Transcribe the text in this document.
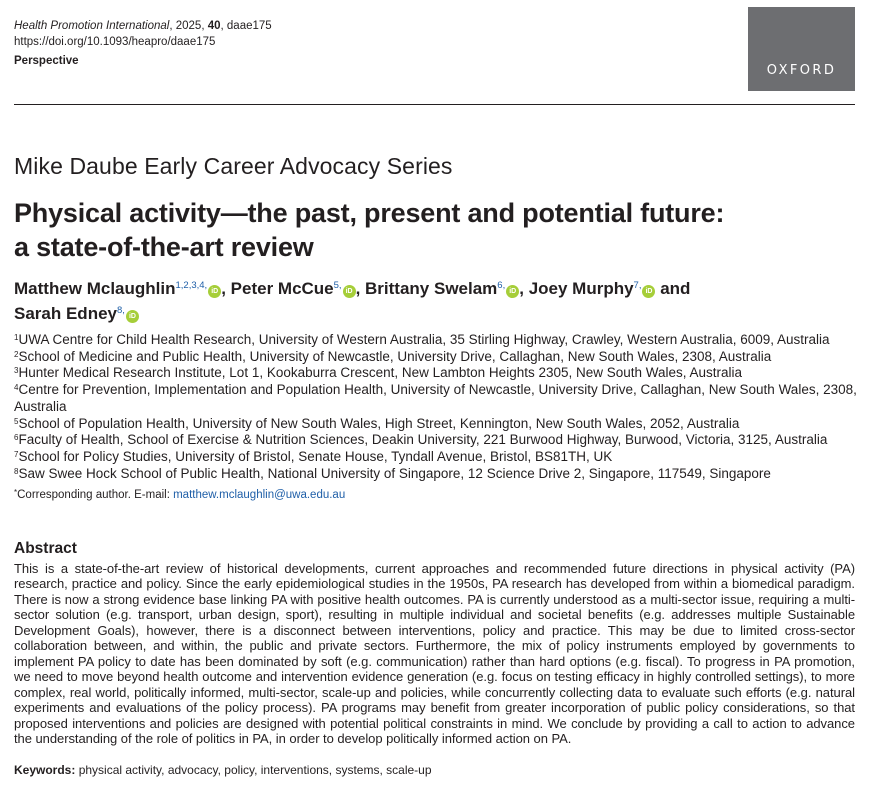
Health Promotion International, 2025, 40, daae175
https://doi.org/10.1093/heapro/daae175
Perspective
OXFORD
Mike Daube Early Career Advocacy Series
Physical activity—the past, present and potential future:
a state-of-the-art review
Matthew Mclaughlin$^{1,2,3,4,}$iD , Peter McCue$^{5,}$iD , Brittany Swelam$^{6,}$iD , Joey Murphy$^{7,}$iD and
Sarah Edney$^{8,}$iD
$^1$UWA Centre for Child Health Research, University of Western Australia, 35 Stirling Highway, Crawley, Western Australia, 6009, Australia
$^2$School of Medicine and Public Health, University of Newcastle, University Drive, Callaghan, New South Wales, 2308, Australia
$^3$Hunter Medical Research Institute, Lot 1, Kookaburra Crescent, New Lambton Heights 2305, New South Wales, Australia
$^4$Centre for Prevention, Implementation and Population Health, University of Newcastle, University Drive, Callaghan, New South Wales, 2308, Australia
$^5$School of Population Health, University of New South Wales, High Street, Kennington, New South Wales, 2052, Australia
$^6$Faculty of Health, School of Exercise & Nutrition Sciences, Deakin University, 221 Burwood Highway, Burwood, Victoria, 3125, Australia
$^7$School for Policy Studies, University of Bristol, Senate House, Tyndall Avenue, Bristol, BS81TH, UK
$^8$Saw Swee Hock School of Public Health, National University of Singapore, 12 Science Drive 2, Singapore, 117549, Singapore
*Corresponding author. E-mail: matthew.mclaughlin@uwa.edu.au
Abstract
This is a state-of-the-art review of historical developments, current approaches and recommended future directions in physical activity (PA) research, practice and policy. Since the early epidemiological studies in the 1950s, PA research has developed from within a biomedical paradigm. There is now a strong evidence base linking PA with positive health outcomes. PA is currently understood as a multi-sector issue, requiring a multi-sector solution (e.g. transport, urban design, sport), resulting in multiple individual and societal benefits (e.g. addresses multiple Sustainable Development Goals), however, there is a disconnect between interventions, policy and practice. This may be due to limited cross-sector collaboration between, and within, the public and private sectors. Furthermore, the mix of policy instruments employed by governments to implement PA policy to date has been dominated by soft (e.g. communication) rather than hard options (e.g. fiscal). To progress in PA promotion, we need to move beyond health outcome and intervention evidence generation (e.g. focus on testing efficacy in highly controlled settings), to more complex, real world, politically informed, multi-sector, scale-up and policies, while concurrently collecting data to evaluate such efforts (e.g. natural experiments and evaluations of the policy process). PA programs may benefit from greater incorporation of public policy considerations, so that proposed interventions and policies are designed with potential political constraints in mind. We conclude by providing a call to action to advance the understanding of the role of politics in PA, in order to develop politically informed action on PA.
Keywords: physical activity, advocacy, policy, interventions, systems, scale-up
